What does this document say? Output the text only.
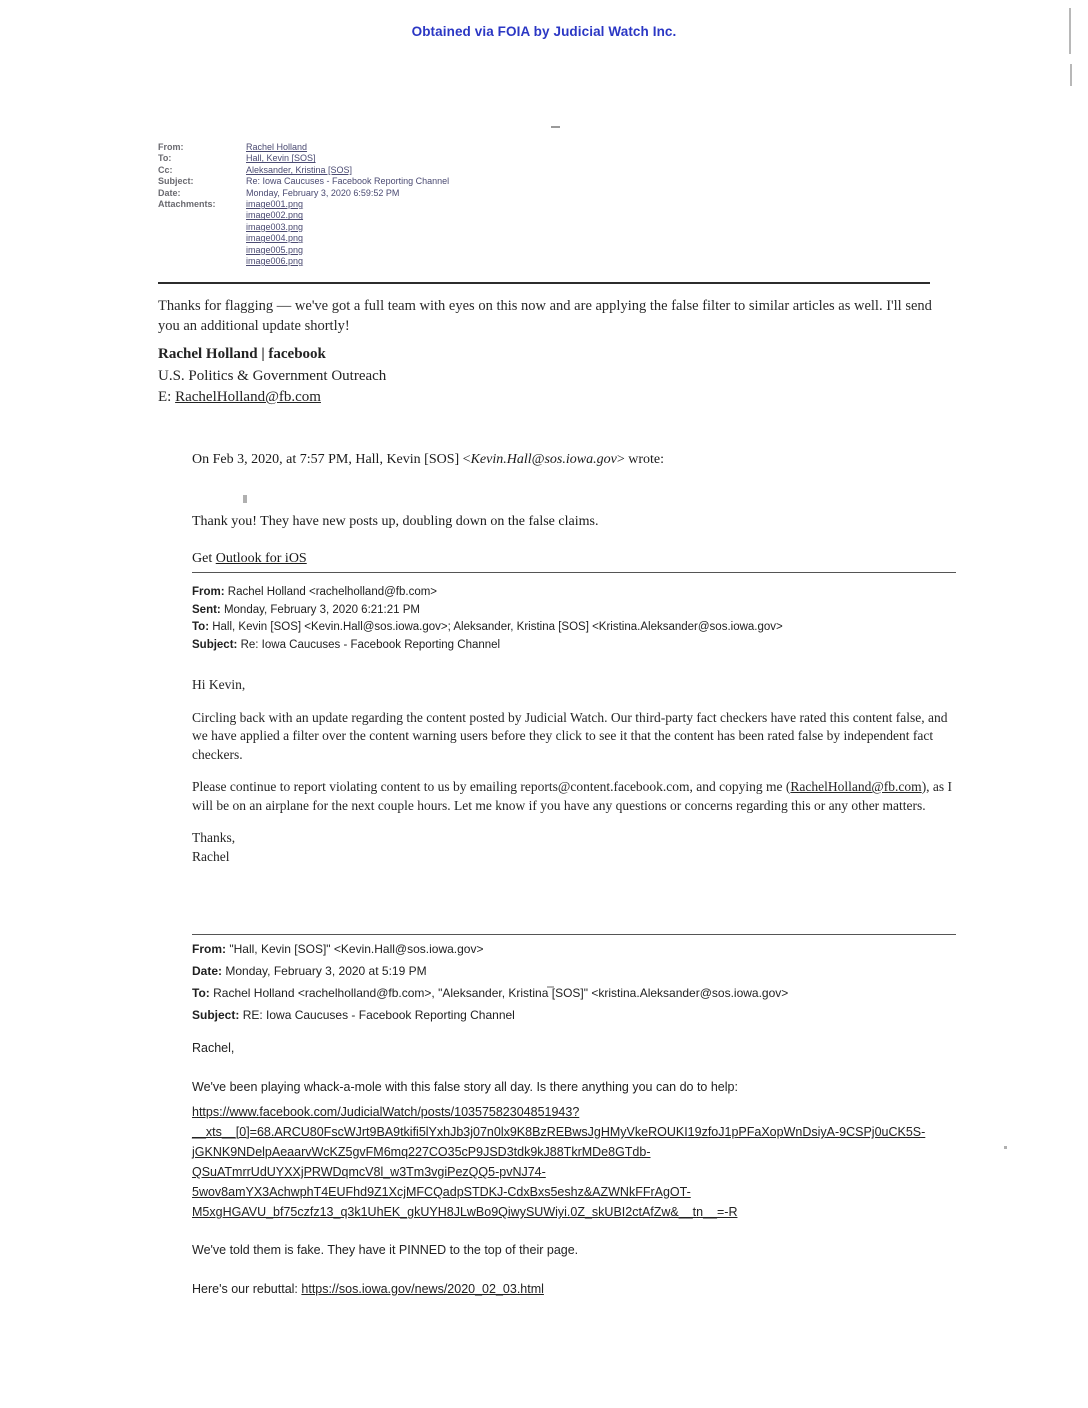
Obtained via FOIA by Judicial Watch Inc.
From:	Rachel Holland
To:	Hall, Kevin [SOS]
Cc:	Aleksander, Kristina [SOS]
Subject:	Re: Iowa Caucuses - Facebook Reporting Channel
Date:	Monday, February 3, 2020 6:59:52 PM
Attachments:	image001.png
image002.png
image003.png
image004.png
image005.png
image006.png
Thanks for flagging — we've got a full team with eyes on this now and are applying the false filter to similar articles as well. I'll send you an additional update shortly!
Rachel Holland | facebook
U.S. Politics & Government Outreach
E: RachelHolland@fb.com
On Feb 3, 2020, at 7:57 PM, Hall, Kevin [SOS] <Kevin.Hall@sos.iowa.gov> wrote:
Thank you! They have new posts up, doubling down on the false claims.
Get Outlook for iOS
From: Rachel Holland <rachelholland@fb.com>
Sent: Monday, February 3, 2020 6:21:21 PM
To: Hall, Kevin [SOS] <Kevin.Hall@sos.iowa.gov>; Aleksander, Kristina [SOS] <Kristina.Aleksander@sos.iowa.gov>
Subject: Re: Iowa Caucuses - Facebook Reporting Channel

Hi Kevin,

Circling back with an update regarding the content posted by Judicial Watch. Our third-party fact checkers have rated this content false, and we have applied a filter over the content warning users before they click to see it that the content has been rated false by independent fact checkers.

Please continue to report violating content to us by emailing reports@content.facebook.com, and copying me (RachelHolland@fb.com), as I will be on an airplane for the next couple hours. Let me know if you have any questions or concerns regarding this or any other matters.

Thanks,
Rachel

From: "Hall, Kevin [SOS]" <Kevin.Hall@sos.iowa.gov>
Date: Monday, February 3, 2020 at 5:19 PM
To: Rachel Holland <rachelholland@fb.com>, "Aleksander, Kristina [SOS]" <kristina.Aleksander@sos.iowa.gov>
Subject: RE: Iowa Caucuses - Facebook Reporting Channel

Rachel,

We've been playing whack-a-mole with this false story all day. Is there anything you can do to help:

https://www.facebook.com/JudicialWatch/posts/10357582304851943?
__xts__[0]=68.ARCU80FscWJrt9BA9tkifi5lYxhJb3j07n0lx9K8BzREBwsJgHMyVkeROUKI19zfoJ1pPFaXopWnDsiyA-9CSPj0uCK5S-
jGKNK9NDelpAeaarvWcKZ5gvFM6mq227CO35cP9JSD3tdk9kJ88TkrMDe8GTdb-
QSuATmrrUdUYXXjPRWDqmcV8l_w3Tm3vgiPezQQ5-pvNJ74-
5wov8amYX3AchwphT4EUFhd9Z1XcjMFCQadpSTDKJ-CdxBxs5eshz&AZWNkFFrAgOT-
M5xgHGAVU_bf75czfz13_q3k1UhEK_gkUYH8JLwBo9QiwySUWiyi.0Z_skUBI2ctAfZw&__tn__=-R

We've told them is fake. They have it PINNED to the top of their page.

Here's our rebuttal: https://sos.iowa.gov/news/2020_02_03.html
